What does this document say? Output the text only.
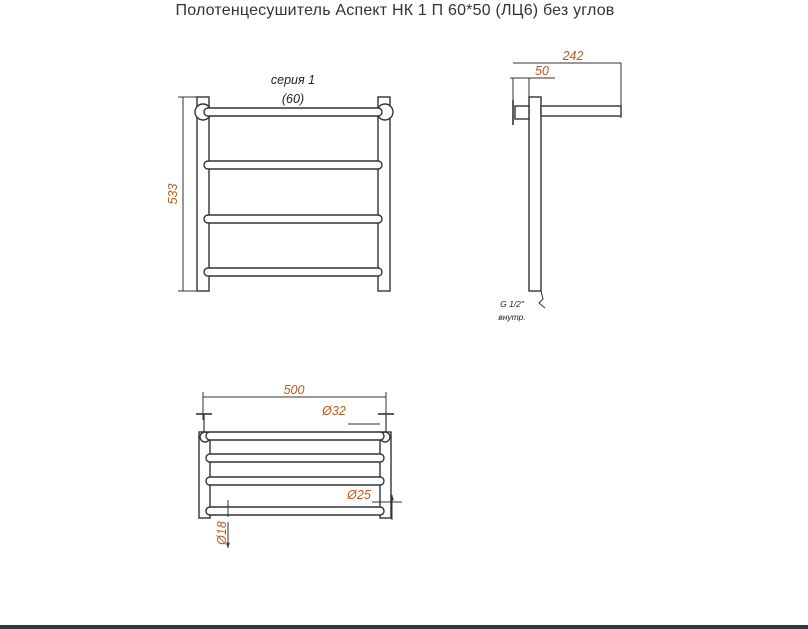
Полотенцесушитель Аспект НК 1 П 60*50 (ЛЦ6) без углов
серия 1
(60)
533
242
50
G 1/2"
внутр.
500
Ø32
Ø25
Ø18
